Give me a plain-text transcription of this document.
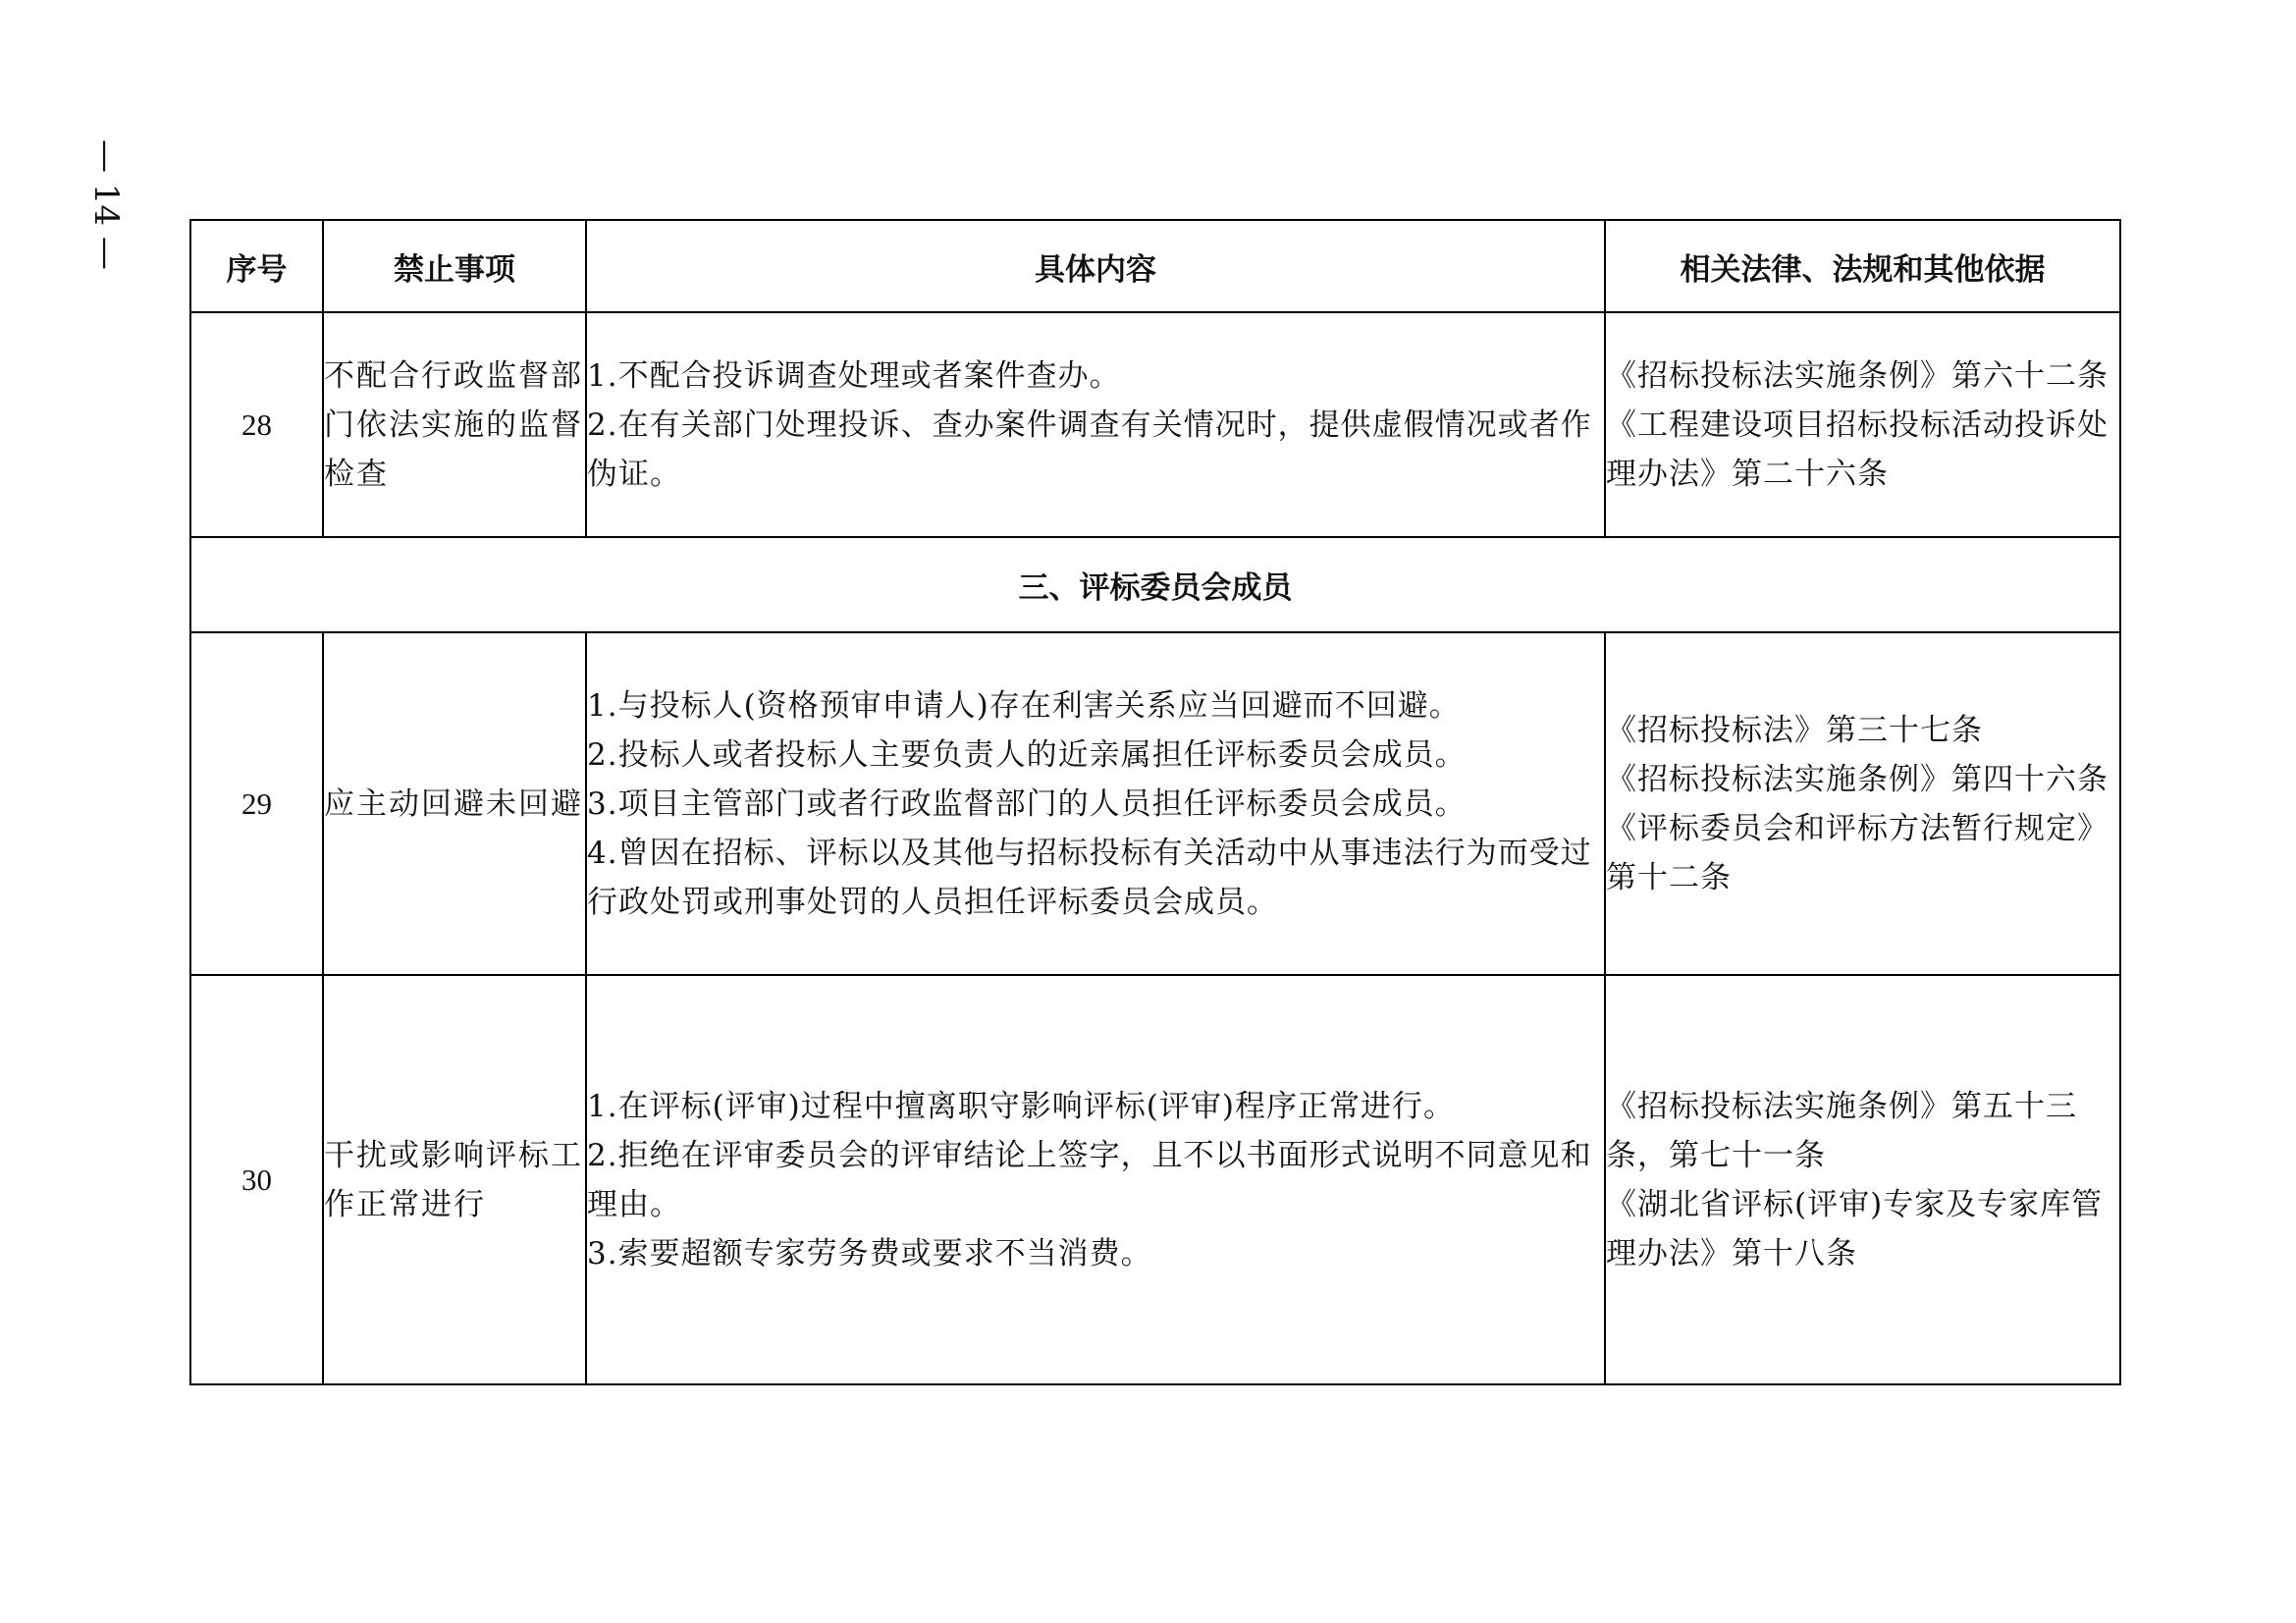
— 14 —	序号	禁止事项	具体内容	相关法律、法规和其他依据
28	不配合行政监督部门依法实施的监督检查	1.不配合投诉调查处理或者案件查办。
2.在有关部门处理投诉、查办案件调查有关情况时，提供虚假情况或者作伪证。	《招标投标法实施条例》第六十二条
《工程建设项目招标投标活动投诉处理办法》第二十六条

三、评标委员会成员			
29	应主动回避未回避	1.与投标人(资格预审申请人)存在利害关系应当回避而不回避。
2.投标人或者投标人主要负责人的近亲属担任评标委员会成员。
3.项目主管部门或者行政监督部门的人员担任评标委员会成员。
4.曾因在招标、评标以及其他与招标投标有关活动中从事违法行为而受过行政处罚或刑事处罚的人员担任评标委员会成员。	《招标投标法》第三十七条
《招标投标法实施条例》第四十六条
《评标委员会和评标方法暂行规定》第十二条

30	干扰或影响评标工作正常进行	1.在评标(评审)过程中擅离职守影响评标(评审)程序正常进行。
2.拒绝在评审委员会的评审结论上签字，且不以书面形式说明不同意见和理由。
3.索要超额专家劳务费或要求不当消费。	《招标投标法实施条例》第五十三条，第七十一条
《湖北省评标(评审)专家及专家库管理办法》第十八条
